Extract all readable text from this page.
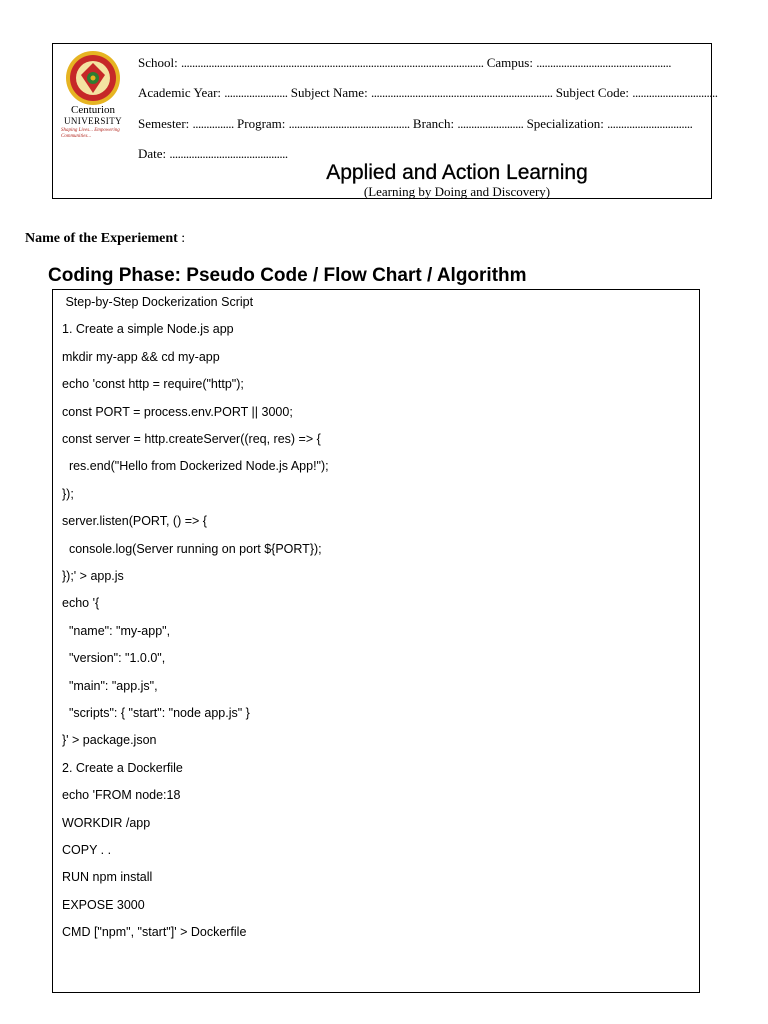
Centurion
UNIVERSITY
Shaping Lives... Empowering Communities...
School: .............................................................................................................. Campus: .................................................
Academic Year: ....................... Subject Name: .................................................................. Subject Code: ...............................
Semester: ............... Program: ............................................ Branch: ........................ Specialization: ...............................
Date: ...........................................
Applied and Action Learning
(Learning by Doing and Discovery)
Name of the Experiement :
Coding Phase: Pseudo Code / Flow Chart / Algorithm
Step-by-Step Dockerization Script
1. Create a simple Node.js app
mkdir my-app && cd my-app
echo 'const http = require("http");
const PORT = process.env.PORT || 3000;
const server = http.createServer((req, res) => {
res.end("Hello from Dockerized Node.js App!");
});
server.listen(PORT, () => {
console.log(Server running on port ${PORT});
});' > app.js
echo '{
"name": "my-app",
"version": "1.0.0",
"main": "app.js",
"scripts": { "start": "node app.js" }
}' > package.json
2. Create a Dockerfile
echo 'FROM node:18
WORKDIR /app
COPY . .
RUN npm install
EXPOSE 3000
CMD ["npm", "start"]' > Dockerfile
